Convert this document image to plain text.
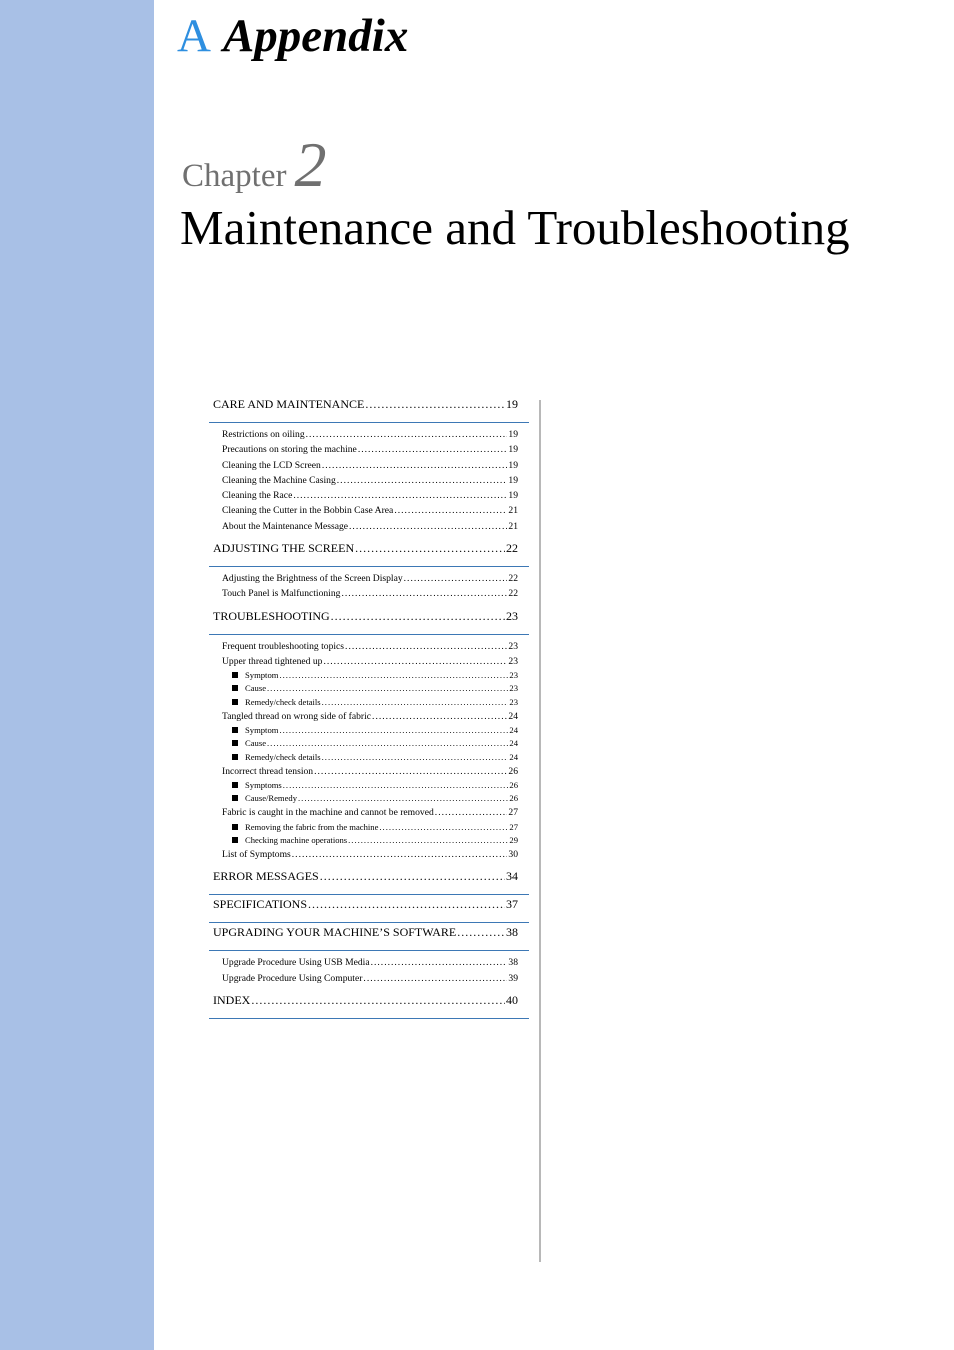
A Appendix
Chapter 2
Maintenance and Troubleshooting
CARE AND MAINTENANCE .....	19
Restrictions on oiling .....	19
Precautions on storing the machine .....	19
Cleaning the LCD Screen .....	19
Cleaning the Machine Casing .....	19
Cleaning the Race .....	19
Cleaning the Cutter in the Bobbin Case Area .....	21
About the Maintenance Message .....	21
ADJUSTING THE SCREEN .....	22
Adjusting the Brightness of the Screen Display .....	22
Touch Panel is Malfunctioning .....	22
TROUBLESHOOTING .....	23
Frequent troubleshooting topics .....	23
Upper thread tightened up .....	23
Symptom .....	23
Cause .....	23
Remedy/check details .....	23
Tangled thread on wrong side of fabric .....	24
Symptom .....	24
Cause .....	24
Remedy/check details .....	24
Incorrect thread tension .....	26
Symptoms .....	26
Cause/Remedy .....	26
Fabric is caught in the machine and cannot be removed .....	27
Removing the fabric from the machine .....	27
Checking machine operations .....	29
List of Symptoms .....	30
ERROR MESSAGES .....	34
SPECIFICATIONS .....	37
UPGRADING YOUR MACHINE’S SOFTWARE .....	38
Upgrade Procedure Using USB Media .....	38
Upgrade Procedure Using Computer .....	39
INDEX .....	40
